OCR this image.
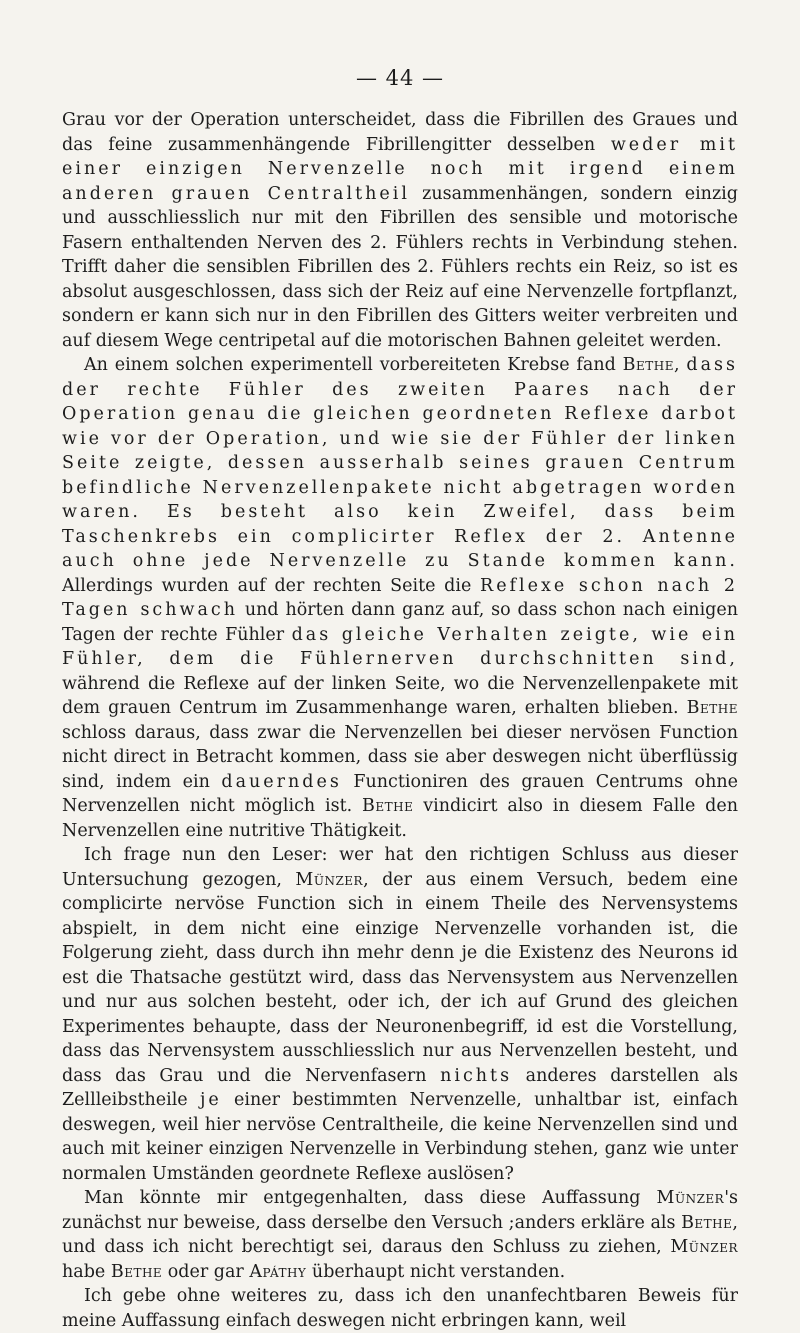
— 44 —

Grau vor der Operation unterscheidet, dass die Fibrillen des Graues und das feine zusammenhängende Fibrillengitter desselben weder mit einer einzigen Nervenzelle noch mit irgend einem anderen grauen Centraltheil zusammenhängen, sondern einzig und ausschliesslich nur mit den Fibrillen des sensible und motorische Fasern enthaltenden Nerven des 2. Fühlers rechts in Verbindung stehen. Trifft daher die sensiblen Fibrillen des 2. Fühlers rechts ein Reiz, so ist es absolut ausgeschlossen, dass sich der Reiz auf eine Nervenzelle fortpflanzt, sondern er kann sich nur in den Fibrillen des Gitters weiter verbreiten und auf diesem Wege centripetal auf die motorischen Bahnen geleitet werden.

An einem solchen experimentell vorbereiteten Krebse fand Bethe, dass der rechte Fühler des zweiten Paares nach der Operation genau die gleichen geordneten Reflexe darbot wie vor der Operation, und wie sie der Fühler der linken Seite zeigte, dessen ausserhalb seines grauen Centrum befindliche Nervenzellenpakete nicht abgetragen worden waren. Es besteht also kein Zweifel, dass beim Taschenkrebs ein complicirter Reflex der 2. Antenne auch ohne jede Nervenzelle zu Stande kommen kann. Allerdings wurden auf der rechten Seite die Reflexe schon nach 2 Tagen schwach und hörten dann ganz auf, so dass schon nach einigen Tagen der rechte Fühler das gleiche Verhalten zeigte, wie ein Fühler, dem die Fühlernerven durchschnitten sind, während die Reflexe auf der linken Seite, wo die Nervenzellenpakete mit dem grauen Centrum im Zusammenhange waren, erhalten blieben. Bethe schloss daraus, dass zwar die Nervenzellen bei dieser nervösen Function nicht direct in Betracht kommen, dass sie aber deswegen nicht überflüssig sind, indem ein dauerndes Functioniren des grauen Centrums ohne Nervenzellen nicht möglich ist. Bethe vindicirt also in diesem Falle den Nervenzellen eine nutritive Thätigkeit.

Ich frage nun den Leser: wer hat den richtigen Schluss aus dieser Untersuchung gezogen, Münzer, der aus einem Versuch, bedem eine complicirte nervöse Function sich in einem Theile des Nervensystems abspielt, in dem nicht eine einzige Nervenzelle vorhanden ist, die Folgerung zieht, dass durch ihn mehr denn je die Existenz des Neurons id est die Thatsache gestützt wird, dass das Nervensystem aus Nervenzellen und nur aus solchen besteht, oder ich, der ich auf Grund des gleichen Experimentes behaupte, dass der Neuronenbegriff, id est die Vorstellung, dass das Nervensystem ausschliesslich nur aus Nervenzellen besteht, und dass das Grau und die Nervenfasern nichts anderes darstellen als Zellleibstheile je einer bestimmten Nervenzelle, unhaltbar ist, einfach deswegen, weil hier nervöse Centraltheile, die keine Nervenzellen sind und auch mit keiner einzigen Nervenzelle in Verbindung stehen, ganz wie unter normalen Umständen geordnete Reflexe auslösen?

Man könnte mir entgegenhalten, dass diese Auffassung Münzer's zunächst nur beweise, dass derselbe den Versuch ;anders erkläre als Bethe, und dass ich nicht berechtigt sei, daraus den Schluss zu ziehen, Münzer habe Bethe oder gar Apáthy überhaupt nicht verstanden.

Ich gebe ohne weiteres zu, dass ich den unanfechtbaren Beweis für meine Auffassung einfach deswegen nicht erbringen kann, weil
